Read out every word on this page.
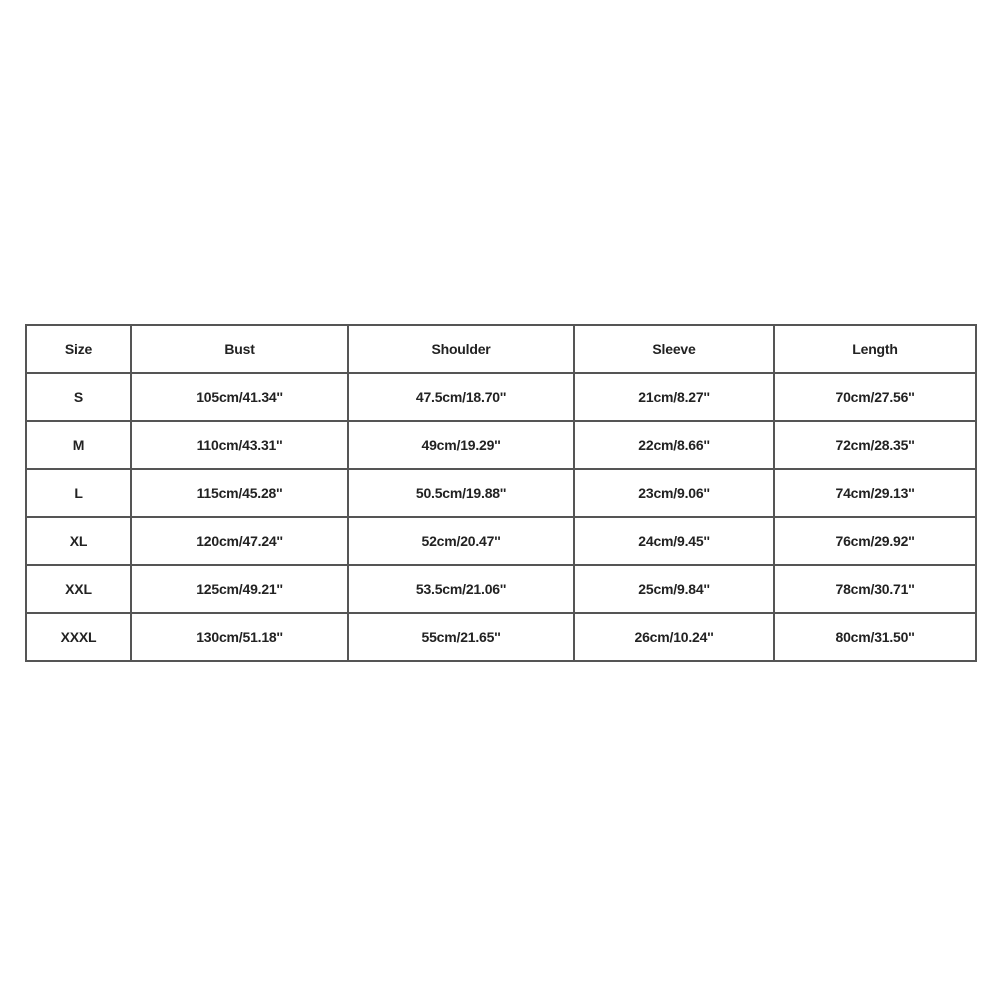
Size	Bust	Shoulder	Sleeve	Length
S	105cm/41.34''	47.5cm/18.70''	21cm/8.27''	70cm/27.56''
M	110cm/43.31''	49cm/19.29''	22cm/8.66''	72cm/28.35''
L	115cm/45.28''	50.5cm/19.88''	23cm/9.06''	74cm/29.13''
XL	120cm/47.24''	52cm/20.47''	24cm/9.45''	76cm/29.92''
XXL	125cm/49.21''	53.5cm/21.06''	25cm/9.84''	78cm/30.71''
XXXL	130cm/51.18''	55cm/21.65''	26cm/10.24''	80cm/31.50''
